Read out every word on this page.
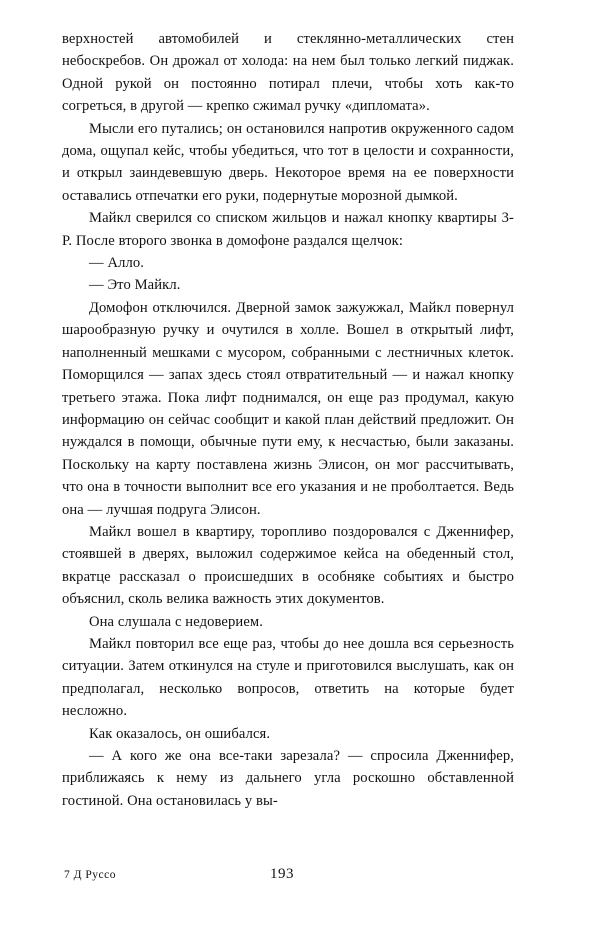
верхностей автомобилей и стеклянно-металлических стен небоскребов. Он дрожал от холода: на нем был только легкий пиджак. Одной рукой он постоянно потирал плечи, чтобы хоть как-то согреться, в другой — крепко сжимал ручку «дипломата».

Мысли его путались; он остановился напротив окруженного садом дома, ощупал кейс, чтобы убедиться, что тот в целости и сохранности, и открыл заиндевевшую дверь. Некоторое время на ее поверхности оставались отпечатки его руки, подернутые морозной дымкой.

Майкл сверился со списком жильцов и нажал кнопку квартиры 3-Р. После второго звонка в домофоне раздался щелчок:

— Алло.

— Это Майкл.

Домофон отключился. Дверной замок зажужжал, Майкл повернул шарообразную ручку и очутился в холле. Вошел в открытый лифт, наполненный мешками с мусором, собранными с лестничных клеток. Поморщился — запах здесь стоял отвратительный — и нажал кнопку третьего этажа. Пока лифт поднимался, он еще раз продумал, какую информацию он сейчас сообщит и какой план действий предложит. Он нуждался в помощи, обычные пути ему, к несчастью, были заказаны. Поскольку на карту поставлена жизнь Элисон, он мог рассчитывать, что она в точности выполнит все его указания и не проболтается. Ведь она — лучшая подруга Элисон.

Майкл вошел в квартиру, торопливо поздоровался с Дженнифер, стоявшей в дверях, выложил содержимое кейса на обеденный стол, вкратце рассказал о происшедших в особняке событиях и быстро объяснил, сколь велика важность этих документов.

Она слушала с недоверием.

Майкл повторил все еще раз, чтобы до нее дошла вся серьезность ситуации. Затем откинулся на стуле и приготовился выслушать, как он предполагал, несколько вопросов, ответить на которые будет несложно.

Как оказалось, он ошибался.

— А кого же она все-таки зарезала? — спросила Дженнифер, приближаясь к нему из дальнего угла роскошно обставленной гостиной. Она остановилась у вы-

7 Д Руссо	193
